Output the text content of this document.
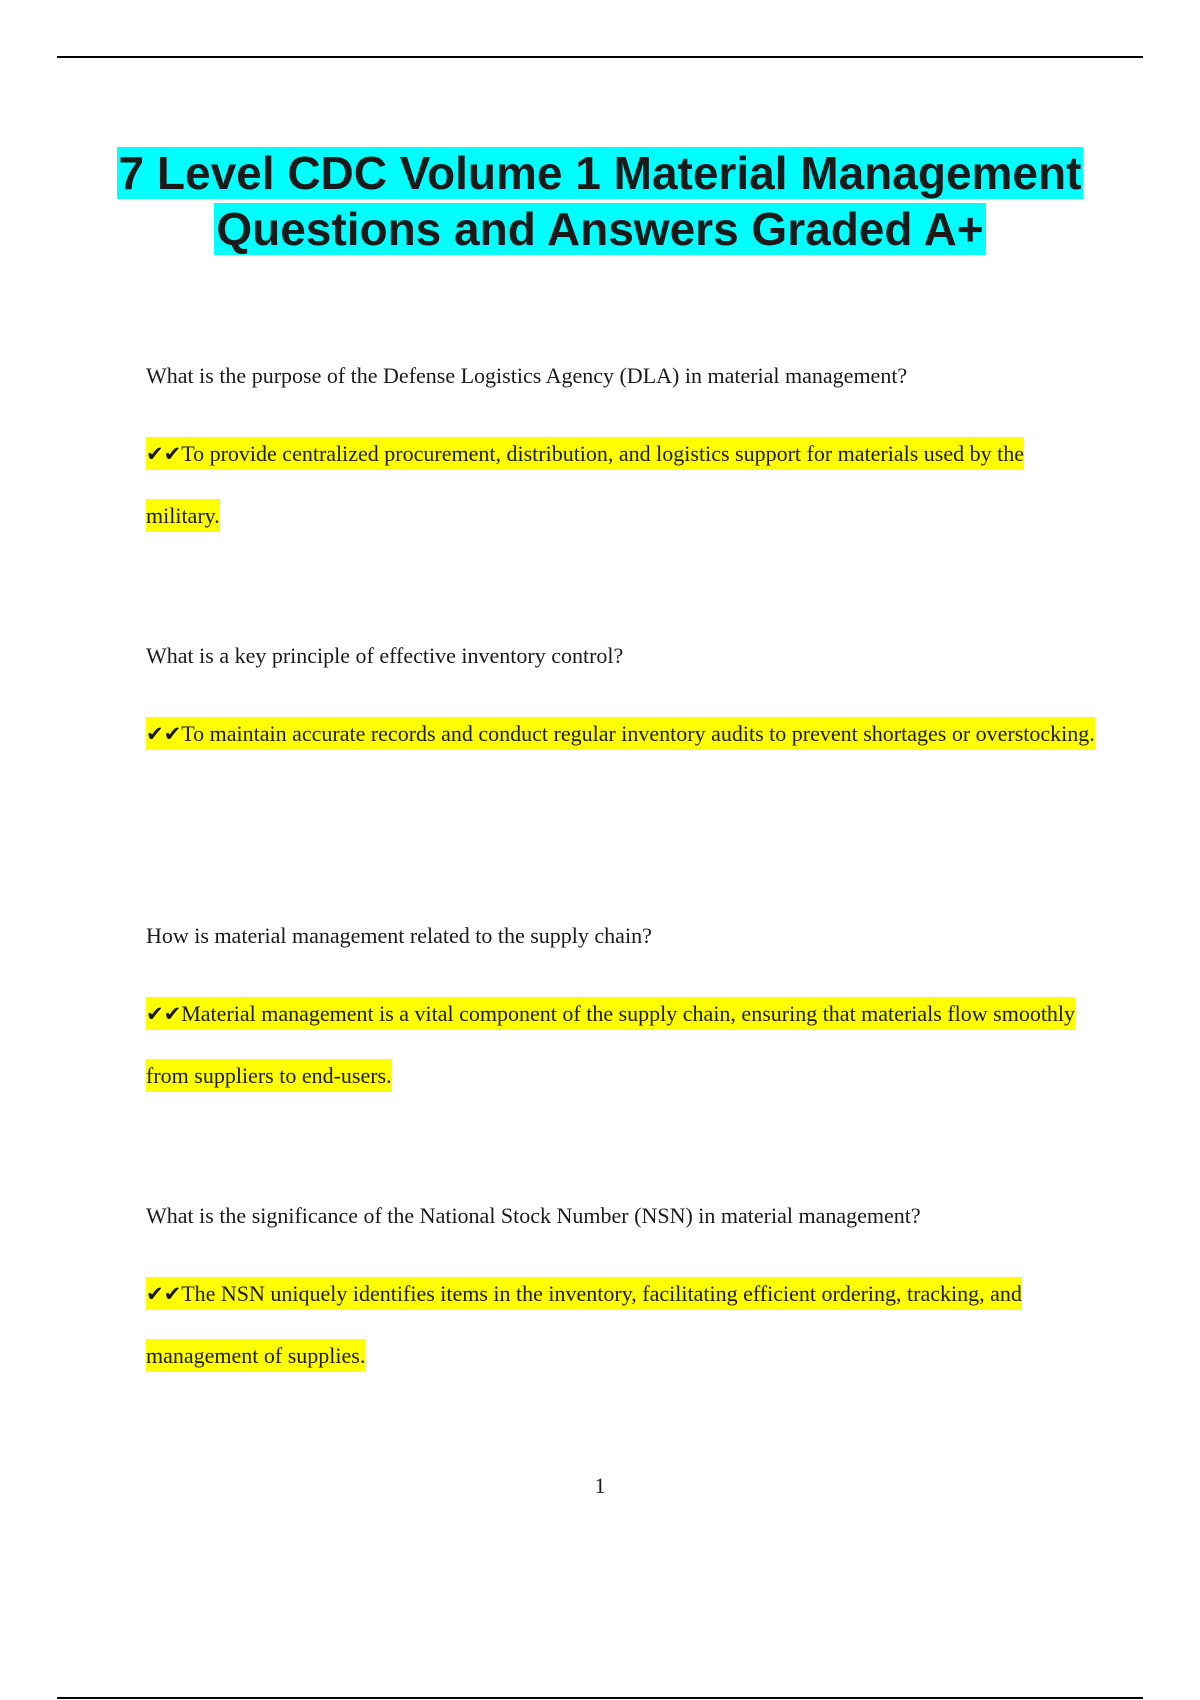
7 Level CDC Volume 1 Material Management Questions and Answers Graded A+

What is the purpose of the Defense Logistics Agency (DLA) in material management?

✔✔To provide centralized procurement, distribution, and logistics support for materials used by the military.

What is a key principle of effective inventory control?

✔✔To maintain accurate records and conduct regular inventory audits to prevent shortages or overstocking.

How is material management related to the supply chain?

✔✔Material management is a vital component of the supply chain, ensuring that materials flow smoothly from suppliers to end-users.

What is the significance of the National Stock Number (NSN) in material management?

✔✔The NSN uniquely identifies items in the inventory, facilitating efficient ordering, tracking, and management of supplies.

1
